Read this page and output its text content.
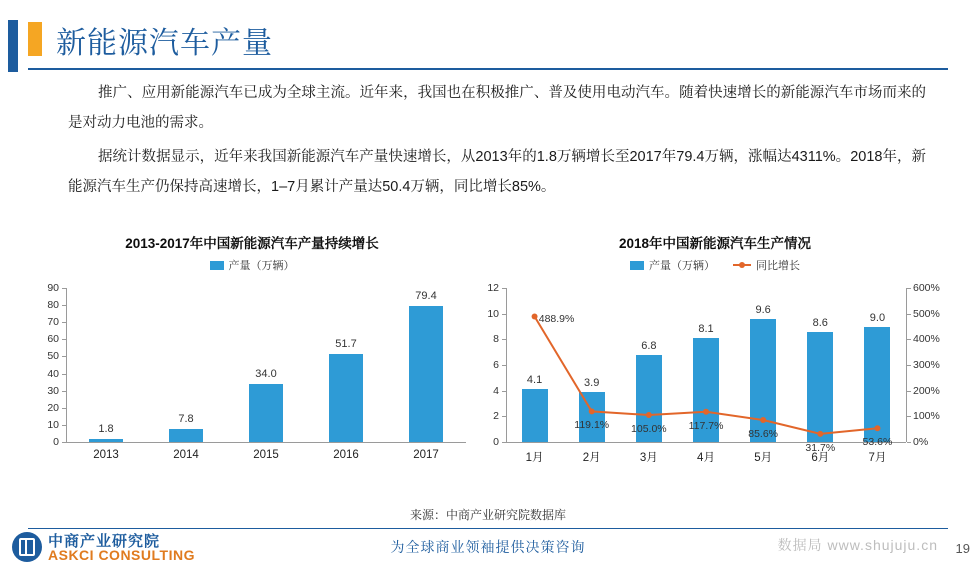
新能源汽车产量
推广、应用新能源汽车已成为全球主流。近年来，我国也在积极推广、普及使用电动汽车。随着快速增长的新能源汽车市场而来的是对动力电池的需求。
据统计数据显示，近年来我国新能源汽车产量快速增长，从2013年的1.8万辆增长至2017年79.4万辆，涨幅达4311%。2018年，新能源汽车生产仍保持高速增长，1–7月累计产量达50.4万辆，同比增长85%。
2013-2017年中国新能源汽车产量持续增长
产量（万辆）
0
10
20
30
40
50
60
70
80
90
1.8
2013
7.8
2014
34.0
2015
51.7
2016
79.4
2017
2018年中国新能源汽车生产情况
产量（万辆）	同比增长
0
2
4
6
8
10
12
0%
100%
200%
300%
400%
500%
600%
4.1
1月
3.9
2月
6.8
3月
8.1
4月
9.6
5月
8.6
6月
9.0
7月
488.9%
119.1% 105.0% 117.7%
85.6%
31.7%	53.6%
来源：中商产业研究院数据库
中商产业研究院
ASKCI CONSULTING	为全球商业领袖提供决策咨询	数据局 www.shujuju.cn 19
